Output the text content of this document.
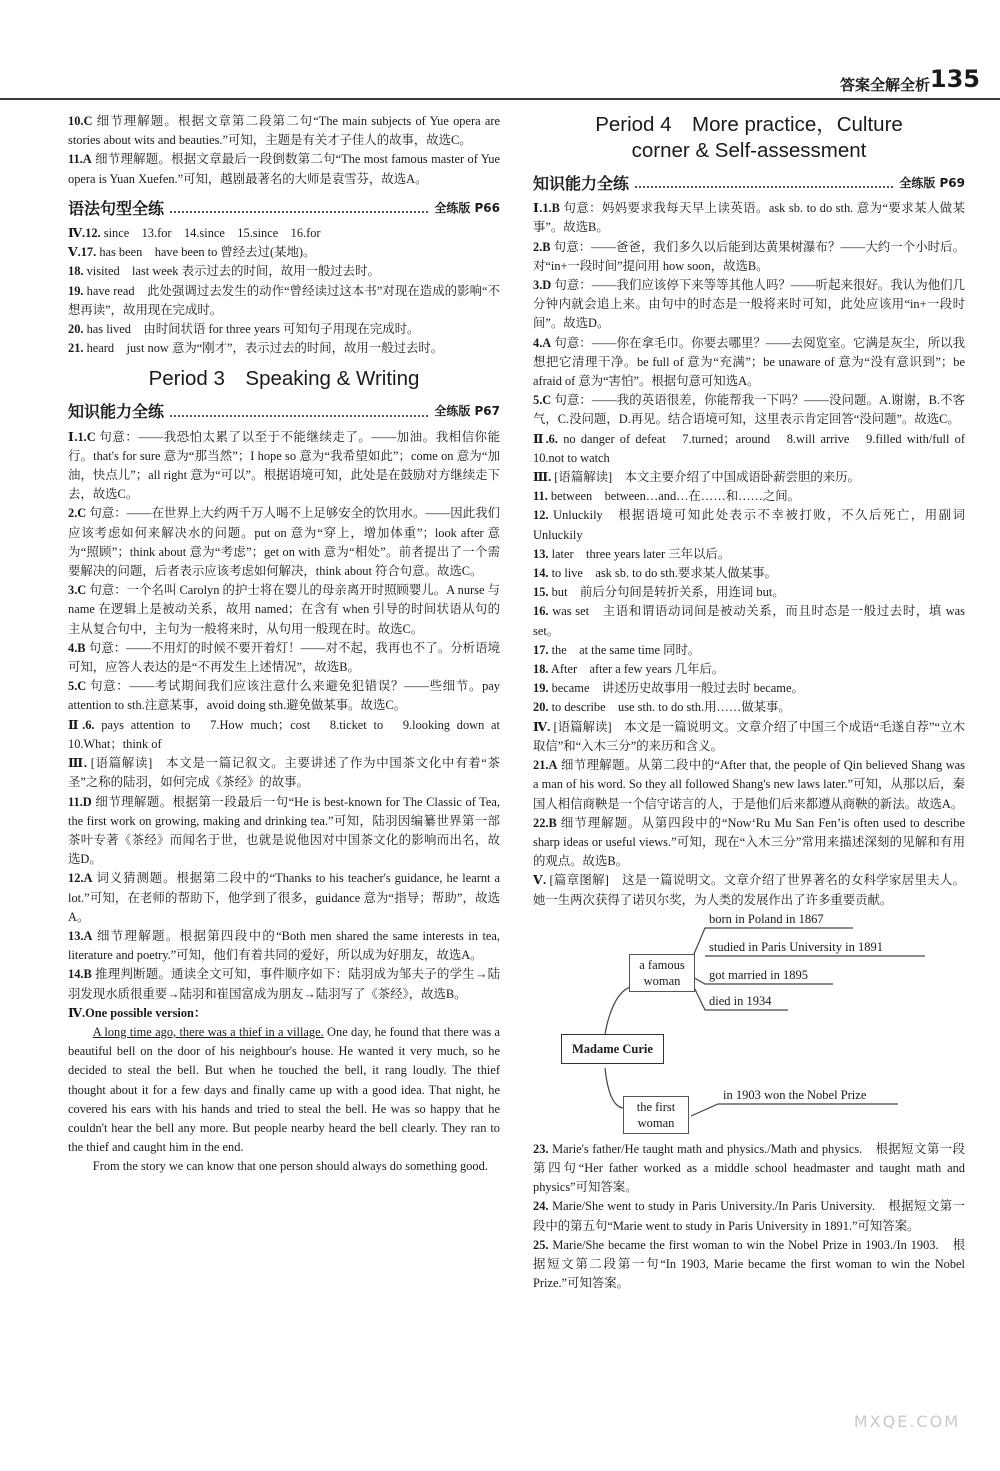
答案全解全析 135

10.C 细节理解题。根据文章第二段第二句“The main subjects of Yue opera are stories about wits and beauties.”可知，主题是有关才子佳人的故事，故选C。

11.A 细节理解题。根据文章最后一段倒数第二句“The most famous master of Yue opera is Yuan Xuefen.”可知，越剧最著名的大师是袁雪芬，故选A。

语法句型全练	全练版 P66

Ⅳ.12. since　13.for　14.since　15.since　16.for

Ⅴ.17. has been　have been to 曾经去过(某地)。

18. visited　last week 表示过去的时间，故用一般过去时。

19. have read　此处强调过去发生的动作“曾经读过这本书”对现在造成的影响“不想再读”，故用现在完成时。

20. has lived　由时间状语 for three years 可知句子用现在完成时。

21. heard　just now 意为“刚才”，表示过去的时间，故用一般过去时。

Period 3　Speaking & Writing
知识能力全练	全练版 P67

Ⅰ.1.C 句意：——我恐怕太累了以至于不能继续走了。——加油。我相信你能行。that's for sure 意为“那当然”；I hope so 意为“我希望如此”；come on 意为“加油，快点儿”；all right 意为“可以”。根据语境可知，此处是在鼓励对方继续走下去，故选C。

2.C 句意：——在世界上大约两千万人喝不上足够安全的饮用水。——因此我们应该考虑如何来解决水的问题。put on 意为“穿上，增加体重”；look after 意为“照顾”；think about 意为“考虑”；get on with 意为“相处”。前者提出了一个需要解决的问题，后者表示应该考虑如何解决，think about 符合句意。故选C。

3.C 句意：一个名叫 Carolyn 的护士将在婴儿的母亲离开时照顾婴儿。A nurse 与 name 在逻辑上是被动关系，故用 named；在含有 when 引导的时间状语从句的主从复合句中，主句为一般将来时，从句用一般现在时。故选C。

4.B 句意：——不用灯的时候不要开着灯！——对不起，我再也不了。分析语境可知，应答人表达的是“不再发生上述情况”，故选B。

5.C 句意：——考试期间我们应该注意什么来避免犯错误？——些细节。pay attention to sth.注意某事，avoid doing sth.避免做某事。故选C。

Ⅱ.6. pays attention to　7.How much；cost　8.ticket to　9.looking down at　10.What；think of

Ⅲ. [语篇解读]　本文是一篇记叙文。主要讲述了作为中国茶文化中有着“茶圣”之称的陆羽，如何完成《茶经》的故事。

11.D 细节理解题。根据第一段最后一句“He is best-known for The Classic of Tea, the first work on growing, making and drinking tea.”可知，陆羽因编纂世界第一部茶叶专著《茶经》而闻名于世，也就是说他因对中国茶文化的影响而出名，故选D。

12.A 词义猜测题。根据第二段中的“Thanks to his teacher's guidance, he learnt a lot.”可知，在老师的帮助下，他学到了很多，guidance 意为“指导；帮助”，故选A。

13.A 细节理解题。根据第四段中的“Both men shared the same interests in tea, literature and poetry.”可知，他们有着共同的爱好，所以成为好朋友，故选A。

14.B 推理判断题。通读全文可知，事件顺序如下：陆羽成为邹夫子的学生→陆羽发现水质很重要→陆羽和崔国富成为朋友→陆羽写了《茶经》，故选B。

Ⅳ.One possible version：

A long time ago, there was a thief in a village. One day, he found that there was a beautiful bell on the door of his neighbour's house. He wanted it very much, so he decided to steal the bell. But when he touched the bell, it rang loudly. The thief thought about it for a few days and finally came up with a good idea. That night, he covered his ears with his hands and tried to steal the bell. He was so happy that he couldn't hear the bell any more. But people nearby heard the bell clearly. They ran to the thief and caught him in the end.

From the story we can know that one person should always do something good.

Period 4　More practice，Culture
corner & Self-assessment
知识能力全练	全练版 P69

Ⅰ.1.B 句意：妈妈要求我每天早上读英语。ask sb. to do sth. 意为“要求某人做某事”。故选B。

2.B 句意：——爸爸，我们多久以后能到达黄果树瀑布？——大约一个小时后。对“in+一段时间”提问用 how soon，故选B。

3.D 句意：——我们应该停下来等等其他人吗？——听起来很好。我认为他们几分钟内就会追上来。由句中的时态是一般将来时可知，此处应该用“in+一段时间”。故选D。

4.A 句意：——你在拿毛巾。你要去哪里？——去阅览室。它满是灰尘，所以我想把它清理干净。be full of 意为“充满”；be unaware of 意为“没有意识到”；be afraid of 意为“害怕”。根据句意可知选A。

5.C 句意：——我的英语很差，你能帮我一下吗？——没问题。A.谢谢，B.不客气，C.没问题，D.再见。结合语境可知，这里表示肯定回答“没问题”。故选C。

Ⅱ.6. no danger of defeat　7.turned；around　8.will arrive　9.filled with/full of　10.not to watch

Ⅲ. [语篇解读]　本文主要介绍了中国成语卧薪尝胆的来历。

11. between　between…and…在……和……之间。

12. Unluckily　根据语境可知此处表示不幸被打败，不久后死亡，用副词 Unluckily

13. later　three years later 三年以后。

14. to live　ask sb. to do sth.要求某人做某事。

15. but　前后分句间是转折关系，用连词 but。

16. was set　主语和谓语动词间是被动关系，而且时态是一般过去时，填 was set。

17. the　at the same time 同时。

18. After　after a few years 几年后。

19. became　讲述历史故事用一般过去时 became。

20. to describe　use sth. to do sth.用……做某事。

Ⅳ. [语篇解读]　本文是一篇说明文。文章介绍了中国三个成语“毛遂自荐”“立木取信”和“入木三分”的来历和含义。

21.A 细节理解题。从第二段中的“After that, the people of Qin believed Shang was a man of his word. So they all followed Shang's new laws later.”可知，从那以后，秦国人相信商鞅是一个信守诺言的人，于是他们后来都遵从商鞅的新法。故选A。

22.B 细节理解题。从第四段中的“Now‘Ru Mu San Fen’is often used to describe sharp ideas or useful views.”可知，现在“入木三分”常用来描述深刻的见解和有用的观点。故选B。

Ⅴ. [篇章图解]　这是一篇说明文。文章介绍了世界著名的女科学家居里夫人。她一生两次获得了诺贝尔奖，为人类的发展作出了许多重要贡献。

a famous woman
Madame Curie
the first woman
born in Poland in 1867
studied in Paris University in 1891
got married in 1895
died in 1934
in 1903 won the Nobel Prize

23. Marie's father/He taught math and physics./Math and physics.　根据短文第一段第四句“Her father worked as a middle school headmaster and taught math and physics”可知答案。

24. Marie/She went to study in Paris University./In Paris University.　根据短文第一段中的第五句“Marie went to study in Paris University in 1891.”可知答案。

25. Marie/She became the first woman to win the Nobel Prize in 1903./In 1903.　根据短文第二段第一句“In 1903, Marie became the first woman to win the Nobel Prize.”可知答案。

MXQE.COM
